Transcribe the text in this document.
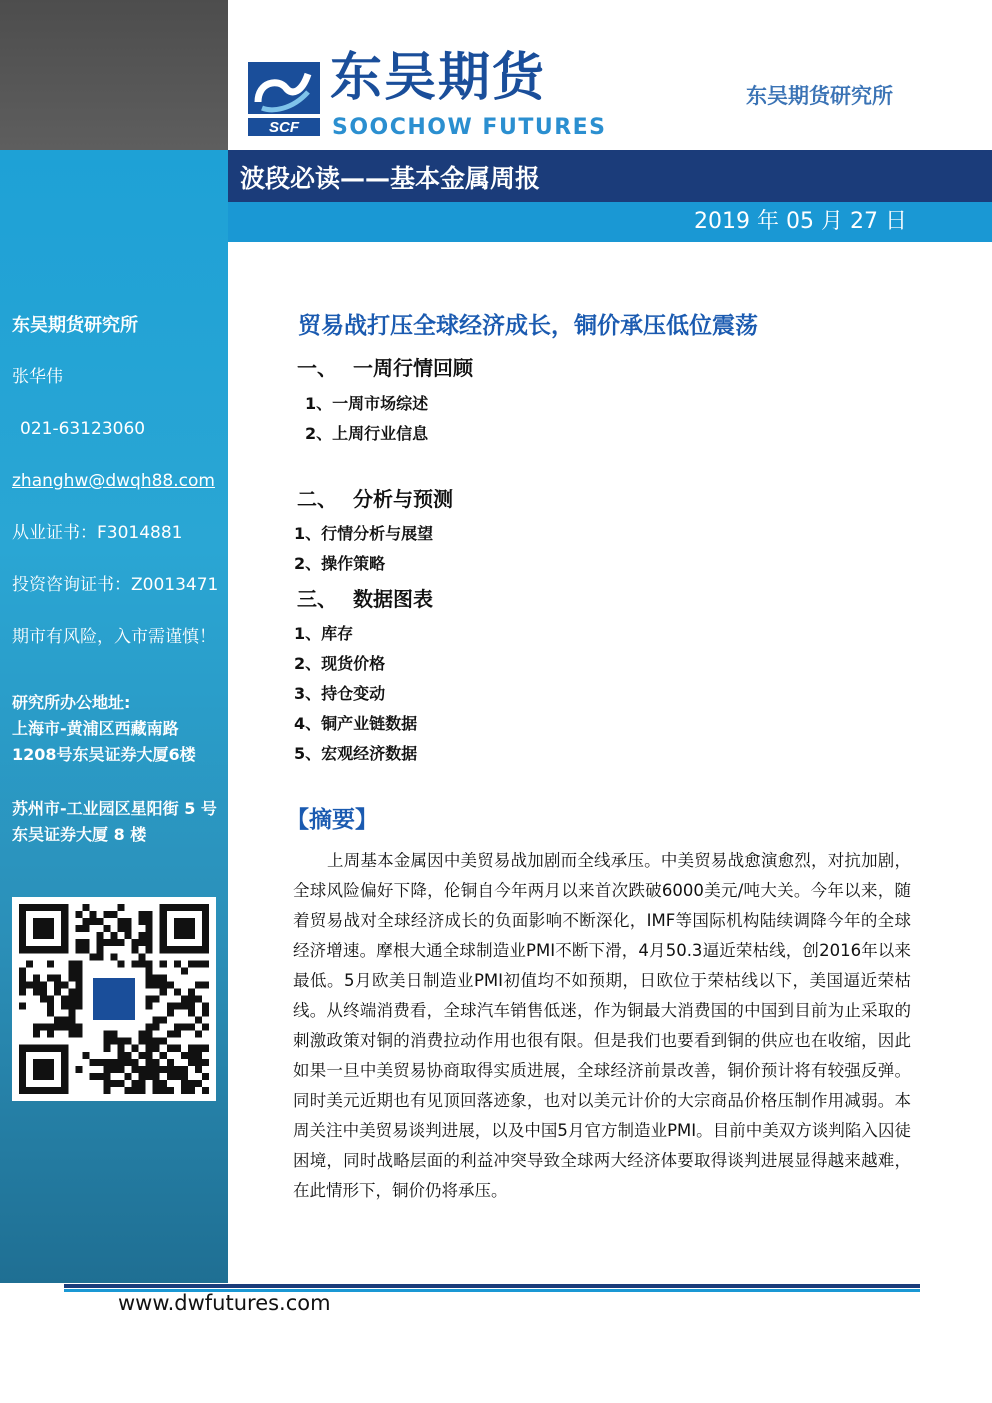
SCF
东吴期货
SOOCHOW FUTURES
东吴期货研究所
波段必读——基本金属周报
2019 年 05 月 27 日
东吴期货研究所
张华伟
021-63123060
zhanghw@dwqh88.com
从业证书：F3014881
投资咨询证书：Z0013471
期市有风险，入市需谨慎！
研究所办公地址:
上海市-黄浦区西藏南路1208号东吴证券大厦6楼
苏州市-工业园区星阳街 5 号东吴证券大厦 8 楼
贸易战打压全球经济成长，铜价承压低位震荡
一、 一周行情回顾
1、一周市场综述
2、上周行业信息
二、 分析与预测
1、行情分析与展望
2、操作策略
三、 数据图表
1、库存
2、现货价格
3、持仓变动
4、铜产业链数据
5、宏观经济数据
【摘要】
上周基本金属因中美贸易战加剧而全线承压。中美贸易战愈演愈烈，对抗加剧，全球风险偏好下降，伦铜自今年两月以来首次跌破6000美元/吨大关。今年以来，随着贸易战对全球经济成长的负面影响不断深化，IMF等国际机构陆续调降今年的全球经济增速。摩根大通全球制造业PMI不断下滑，4月50.3逼近荣枯线，创2016年以来最低。5月欧美日制造业PMI初值均不如预期，日欧位于荣枯线以下，美国逼近荣枯线。从终端消费看，全球汽车销售低迷，作为铜最大消费国的中国到目前为止采取的刺激政策对铜的消费拉动作用也很有限。但是我们也要看到铜的供应也在收缩，因此如果一旦中美贸易协商取得实质进展，全球经济前景改善，铜价预计将有较强反弹。同时美元近期也有见顶回落迹象，也对以美元计价的大宗商品价格压制作用减弱。本周关注中美贸易谈判进展，以及中国5月官方制造业PMI。目前中美双方谈判陷入囚徒困境，同时战略层面的利益冲突导致全球两大经济体要取得谈判进展显得越来越难，在此情形下，铜价仍将承压。
www.dwfutures.com
